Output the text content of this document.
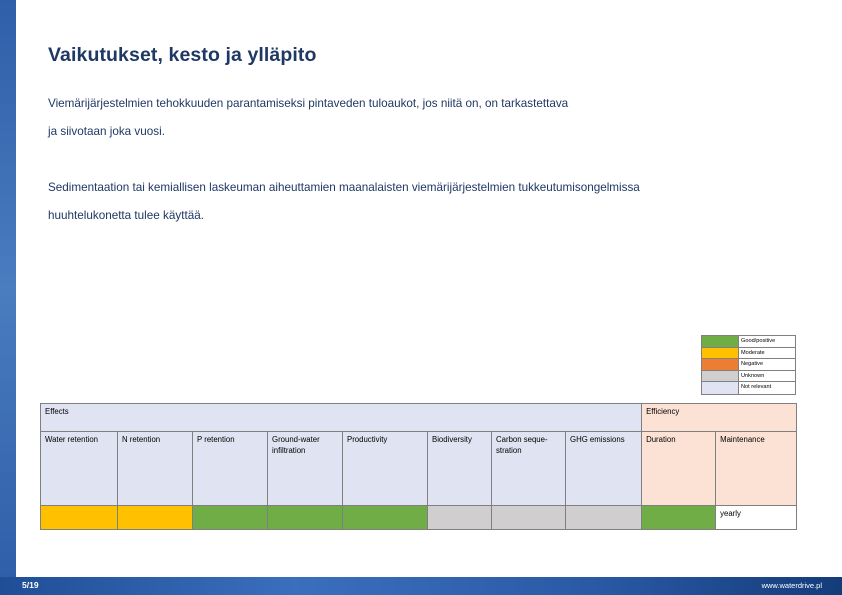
Vaikutukset, kesto ja ylläpito
Viemärijärjestelmien tehokkuuden parantamiseksi pintaveden tuloaukot, jos niitä on, on tarkastettava
ja siivotaan joka vuosi.
Sedimentaation tai kemiallisen laskeuman aiheuttamien maanalaisten viemärijärjestelmien tukkeutumisongelmissa
huuhtelukonetta tulee käyttää.
Good/positive
Moderate
Negative
Unknown
Not relevant
Effects								Efficiency	
Water retention	N retention	P retention	Ground-water infiltration	Productivity	Biodiversity	Carbon seque-stration	GHG emissions	Duration	Maintenance
									yearly
5/19	www.waterdrive.pl
